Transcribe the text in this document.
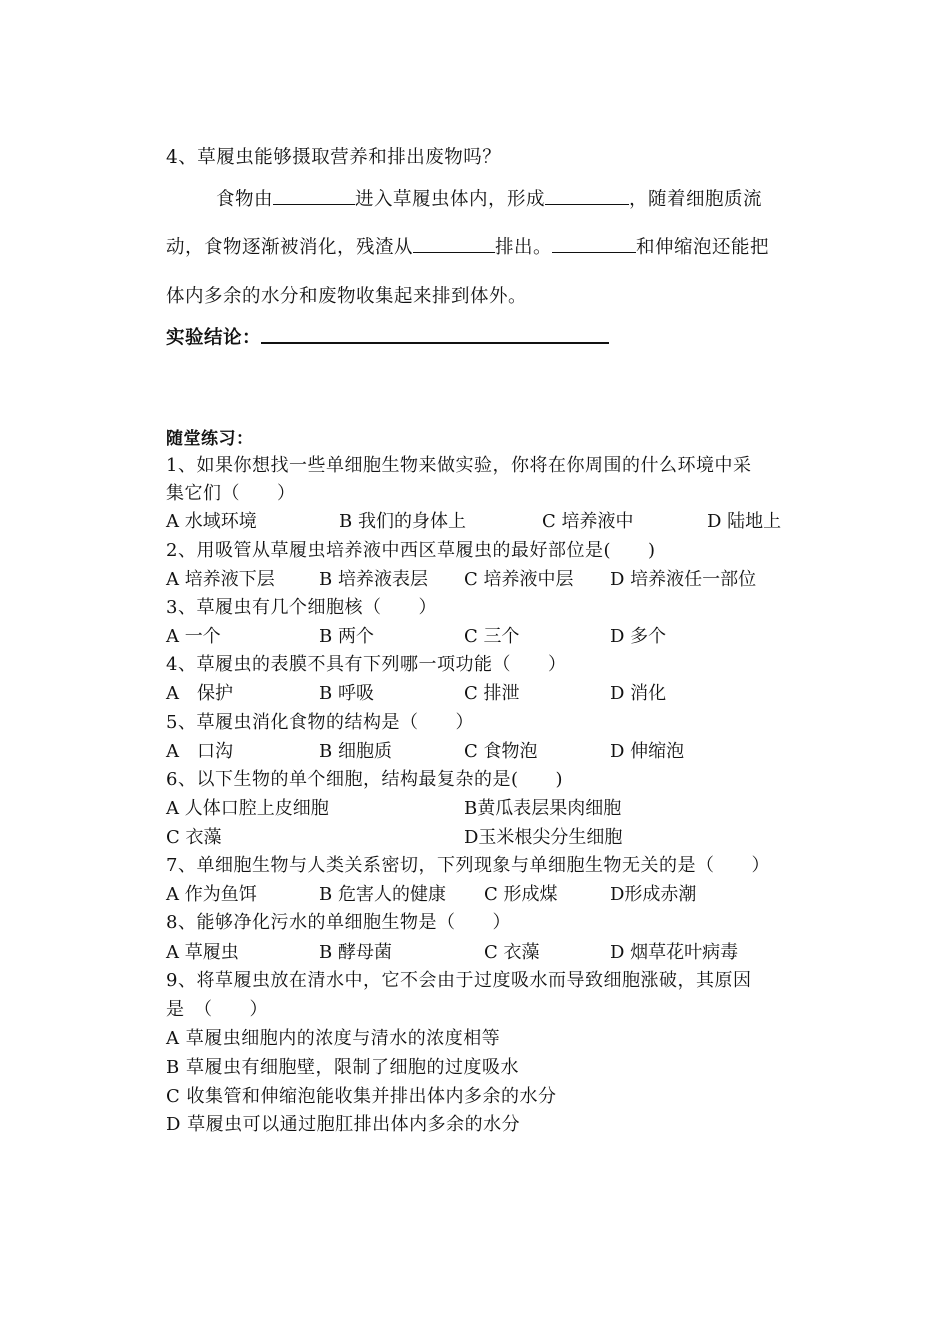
4、草履虫能够摄取营养和排出废物吗？
食物由	进入草履虫体内，形成	，随着细胞质流
动，食物逐渐被消化，残渣从	排出。	和伸缩泡还能把
体内多余的水分和废物收集起来排到体外。
实验结论：
随堂练习：
1、如果你想找一些单细胞生物来做实验，你将在你周围的什么环境中采
集它们（　　）
A 水域环境	B 我们的身体上	C 培养液中	D 陆地上
2、用吸管从草履虫培养液中西区草履虫的最好部位是(　　)
A 培养液下层 B 培养液表层 C 培养液中层 D 培养液任一部位
3、草履虫有几个细胞核（　　）
A 一个	B 两个	C 三个	D 多个
4、草履虫的表膜不具有下列哪一项功能（　　）
A　保护	B 呼吸	C 排泄	D 消化
5、草履虫消化食物的结构是（　　）
A　口沟	B 细胞质	C 食物泡	D 伸缩泡
6、以下生物的单个细胞，结构最复杂的是(　　)
A 人体口腔上皮细胞	B黄瓜表层果肉细胞
C 衣藻	D玉米根尖分生细胞
7、单细胞生物与人类关系密切，下列现象与单细胞生物无关的是（　　）
A 作为鱼饵	B 危害人的健康 C 形成煤	D形成赤潮
8、能够净化污水的单细胞生物是（　　）
A 草履虫	B 酵母菌	C 衣藻	D 烟草花叶病毒
9、将草履虫放在清水中，它不会由于过度吸水而导致细胞涨破，其原因
是　（　　）
A 草履虫细胞内的浓度与清水的浓度相等
B 草履虫有细胞壁，限制了细胞的过度吸水
C 收集管和伸缩泡能收集并排出体内多余的水分
D 草履虫可以通过胞肛排出体内多余的水分
